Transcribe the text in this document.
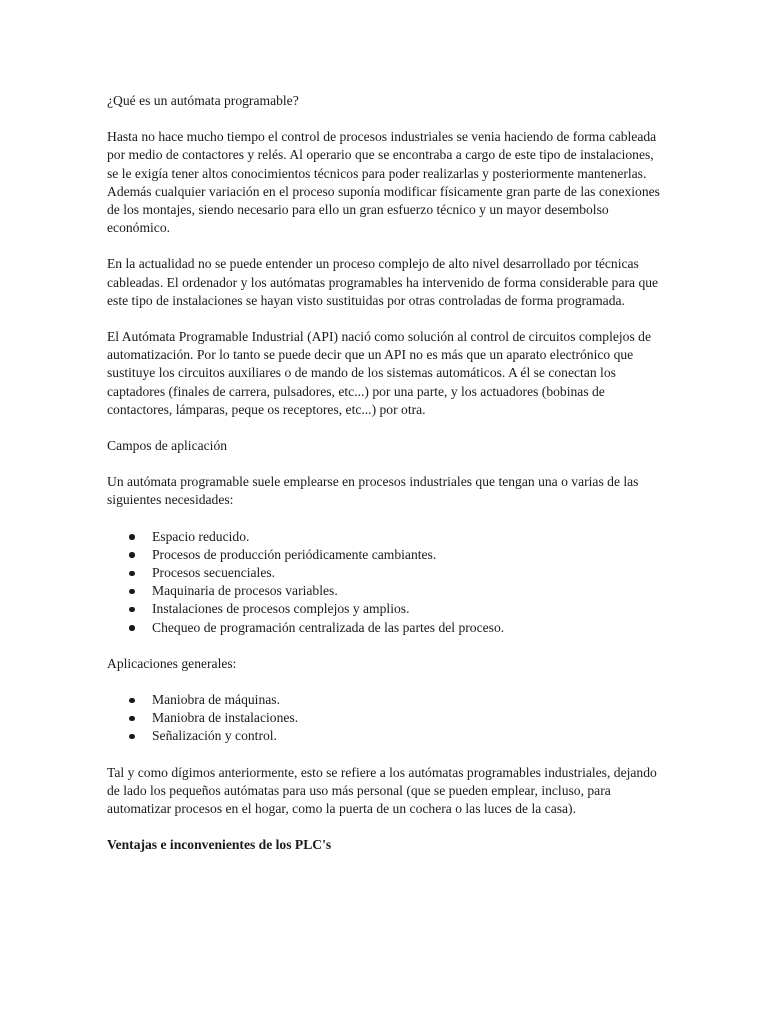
¿Qué es un autómata programable?

Hasta no hace mucho tiempo el control de procesos industriales se venia haciendo de forma cableada por medio de contactores y relés. Al operario que se encontraba a cargo de este tipo de instalaciones, se le exigía tener altos conocimientos técnicos para poder realizarlas y posteriormente mantenerlas. Además cualquier variación en el proceso suponía modificar físicamente gran parte de las conexiones de los montajes, siendo necesario para ello un gran esfuerzo técnico y un mayor desembolso económico.

En la actualidad no se puede entender un proceso complejo de alto nivel desarrollado por técnicas cableadas. El ordenador y los autómatas programables ha intervenido de forma considerable para que este tipo de instalaciones se hayan visto sustituidas por otras controladas de forma programada.

El Autómata Programable Industrial (API) nació como solución al control de circuitos complejos de automatización. Por lo tanto se puede decir que un API no es más que un aparato electrónico que sustituye los circuitos auxiliares o de mando de los sistemas automáticos. A él se conectan los captadores (finales de carrera, pulsadores, etc...) por una parte, y los actuadores (bobinas de contactores, lámparas, peque os receptores, etc...) por otra.

Campos de aplicación

Un autómata programable suele emplearse en procesos industriales que tengan una o varias de las siguientes necesidades:

Espacio reducido.
Procesos de producción periódicamente cambiantes.
Procesos secuenciales.
Maquinaria de procesos variables.
Instalaciones de procesos complejos y amplios.
Chequeo de programación centralizada de las partes del proceso.

Aplicaciones generales:

Maniobra de máquinas.
Maniobra de instalaciones.
Señalización y control.

Tal y como dígimos anteriormente, esto se refiere a los autómatas programables industriales, dejando de lado los pequeños autómatas para uso más personal (que se pueden emplear, incluso, para automatizar procesos en el hogar, como la puerta de un cochera o las luces de la casa).

Ventajas e inconvenientes de los PLC's
